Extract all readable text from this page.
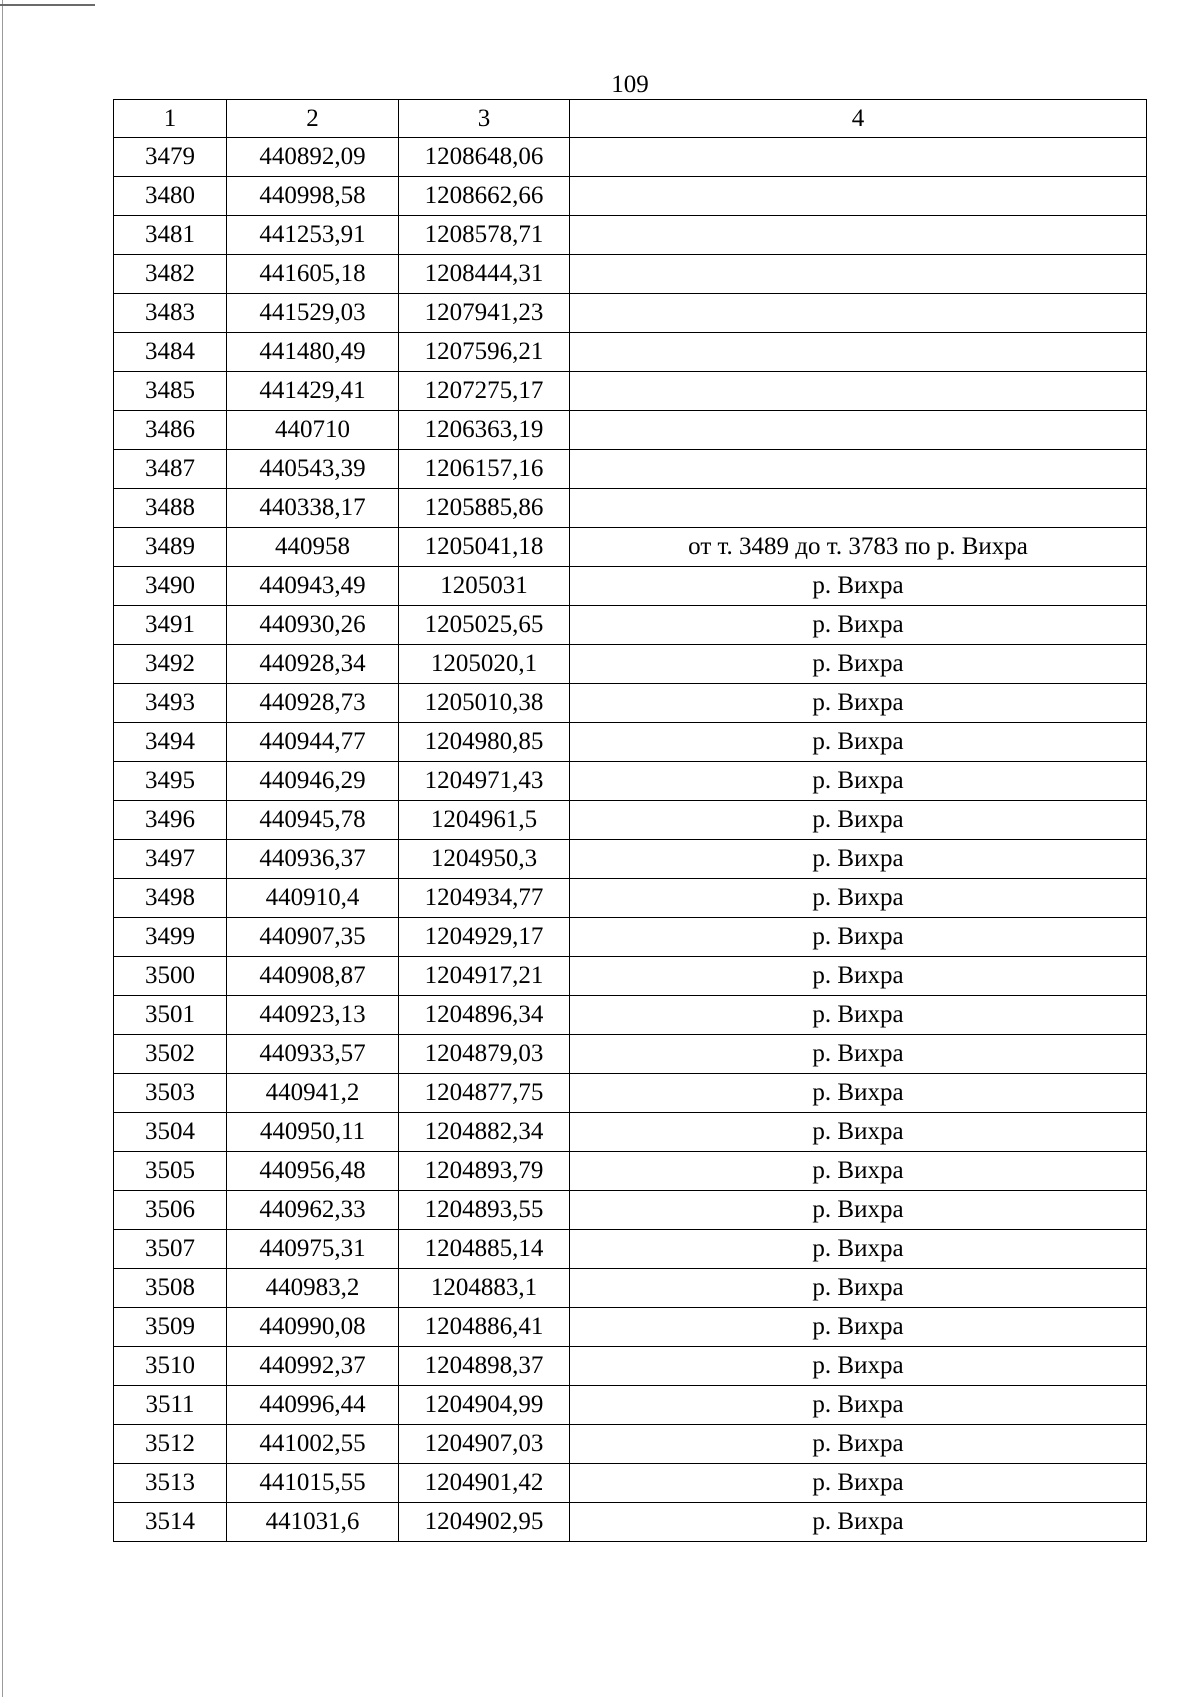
109
1	2	3	4
3479	440892,09	1208648,06	
3480	440998,58	1208662,66	
3481	441253,91	1208578,71	
3482	441605,18	1208444,31	
3483	441529,03	1207941,23	
3484	441480,49	1207596,21	
3485	441429,41	1207275,17	
3486	440710	1206363,19	
3487	440543,39	1206157,16	
3488	440338,17	1205885,86	
3489	440958	1205041,18	от т. 3489 до т. 3783 по р. Вихра
3490	440943,49	1205031	р. Вихра
3491	440930,26	1205025,65	р. Вихра
3492	440928,34	1205020,1	р. Вихра
3493	440928,73	1205010,38	р. Вихра
3494	440944,77	1204980,85	р. Вихра
3495	440946,29	1204971,43	р. Вихра
3496	440945,78	1204961,5	р. Вихра
3497	440936,37	1204950,3	р. Вихра
3498	440910,4	1204934,77	р. Вихра
3499	440907,35	1204929,17	р. Вихра
3500	440908,87	1204917,21	р. Вихра
3501	440923,13	1204896,34	р. Вихра
3502	440933,57	1204879,03	р. Вихра
3503	440941,2	1204877,75	р. Вихра
3504	440950,11	1204882,34	р. Вихра
3505	440956,48	1204893,79	р. Вихра
3506	440962,33	1204893,55	р. Вихра
3507	440975,31	1204885,14	р. Вихра
3508	440983,2	1204883,1	р. Вихра
3509	440990,08	1204886,41	р. Вихра
3510	440992,37	1204898,37	р. Вихра
3511	440996,44	1204904,99	р. Вихра
3512	441002,55	1204907,03	р. Вихра
3513	441015,55	1204901,42	р. Вихра
3514	441031,6	1204902,95	р. Вихра
